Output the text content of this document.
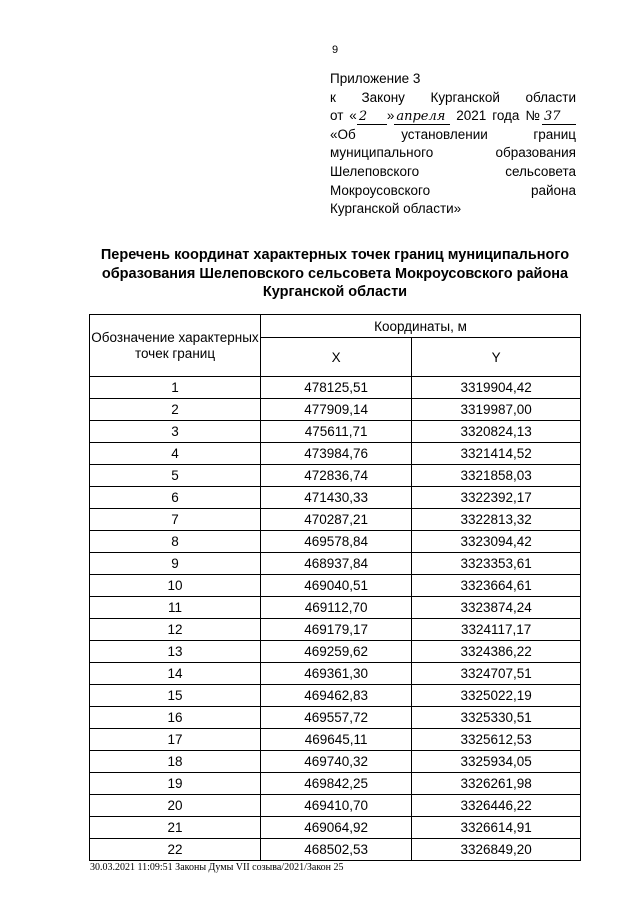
9
Приложение 3
к Закону Курганской области
от « 2 » апреля 2021 года № 37
«Об установлении границ
муниципального образования
Шелеповского сельсовета
Мокроусовского района
Курганской области»
Перечень координат характерных точек границ муниципального образования Шелеповского сельсовета Мокроусовского района Курганской области
Обозначение характерных точек границ	Координаты, м	
	X	Y
1	478125,51	3319904,42
2	477909,14	3319987,00
3	475611,71	3320824,13
4	473984,76	3321414,52
5	472836,74	3321858,03
6	471430,33	3322392,17
7	470287,21	3322813,32
8	469578,84	3323094,42
9	468937,84	3323353,61
10	469040,51	3323664,61
11	469112,70	3323874,24
12	469179,17	3324117,17
13	469259,62	3324386,22
14	469361,30	3324707,51
15	469462,83	3325022,19
16	469557,72	3325330,51
17	469645,11	3325612,53
18	469740,32	3325934,05
19	469842,25	3326261,98
20	469410,70	3326446,22
21	469064,92	3326614,91
22	468502,53	3326849,20
30.03.2021 11:09:51 Законы Думы VII созыва/2021/Закон 25
